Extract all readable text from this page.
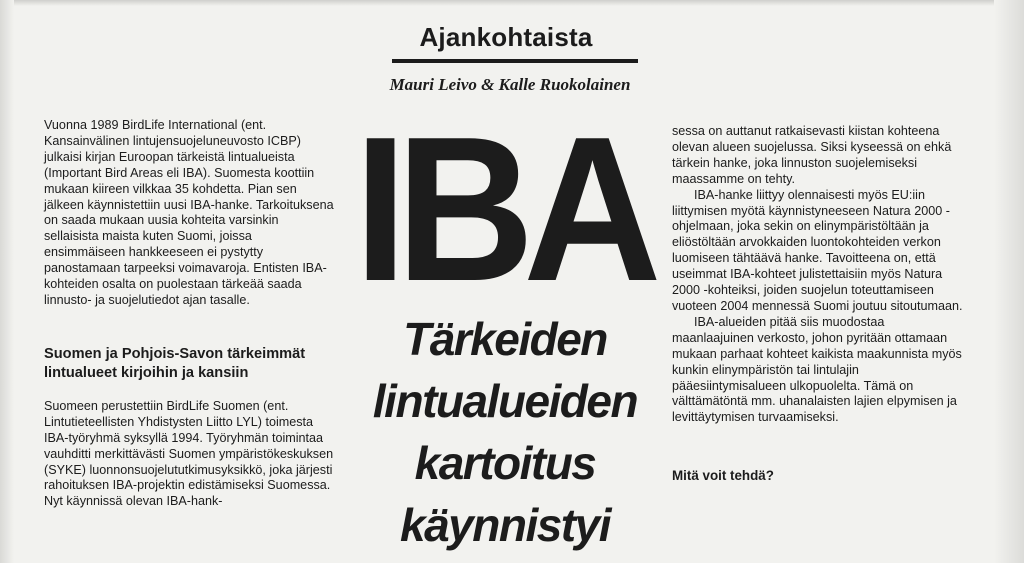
Ajankohtaista
Mauri Leivo & Kalle Ruokolainen

Vuonna 1989 BirdLife International (ent. Kansainvälinen lintujensuojeluneuvosto ICBP) julkaisi kirjan Euroopan tärkeistä lintualueista (Important Bird Areas eli IBA). Suomesta koottiin mukaan kiireen vilkkaa 35 kohdetta. Pian sen jälkeen käynnistettiin uusi IBA-hanke. Tarkoituksena on saada mukaan uusia kohteita varsinkin sellaisista maista kuten Suomi, joissa ensimmäiseen hankkeeseen ei pystytty panostamaan tarpeeksi voimavaroja. Entisten IBA-kohteiden osalta on puolestaan tärkeää saada linnusto- ja suojelutiedot ajan tasalle.

Suomen ja Pohjois-Savon tärkeimmät lintualueet kirjoihin ja kansiin

Suomeen perustettiin BirdLife Suomen (ent. Lintutieteellisten Yhdistysten Liitto LYL) toimesta IBA-työryhmä syksyllä 1994. Työryhmän toimintaa vauhditti merkittävästi Suomen ympäristökeskuksen (SYKE) luonnonsuojelututkimusyksikkö, joka järjesti rahoituksen IBA-projektin edistämiseksi Suomessa. Nyt käynnissä olevan IBA-hank-

IBA
Tärkeiden
lintualueiden
kartoitus
käynnistyi

sessa on auttanut ratkaisevasti kiistan kohteena olevan alueen suojelussa. Siksi kyseessä on ehkä tärkein hanke, joka linnuston suojelemiseksi maassamme on tehty.

IBA-hanke liittyy olennaisesti myös EU:iin liittymisen myötä käynnistyneeseen Natura 2000 -ohjelmaan, joka sekin on elinympäristöltään ja eliöstöltään arvokkaiden luontokohteiden verkon luomiseen tähtäävä hanke. Tavoitteena on, että useimmat IBA-kohteet julistettaisiin myös Natura 2000 -kohteiksi, joiden suojelun toteuttamiseen vuoteen 2004 mennessä Suomi joutuu sitoutumaan.

IBA-alueiden pitää siis muodostaa maanlaajuinen verkosto, johon pyritään ottamaan mukaan parhaat kohteet kaikista maakunnista myös kunkin elinympäristön tai lintulajin pääesiintymisalueen ulkopuolelta. Tämä on välttämätöntä mm. uhanalaisten lajien elpymisen ja levittäytymisen turvaamiseksi.

Mitä voit tehdä?
